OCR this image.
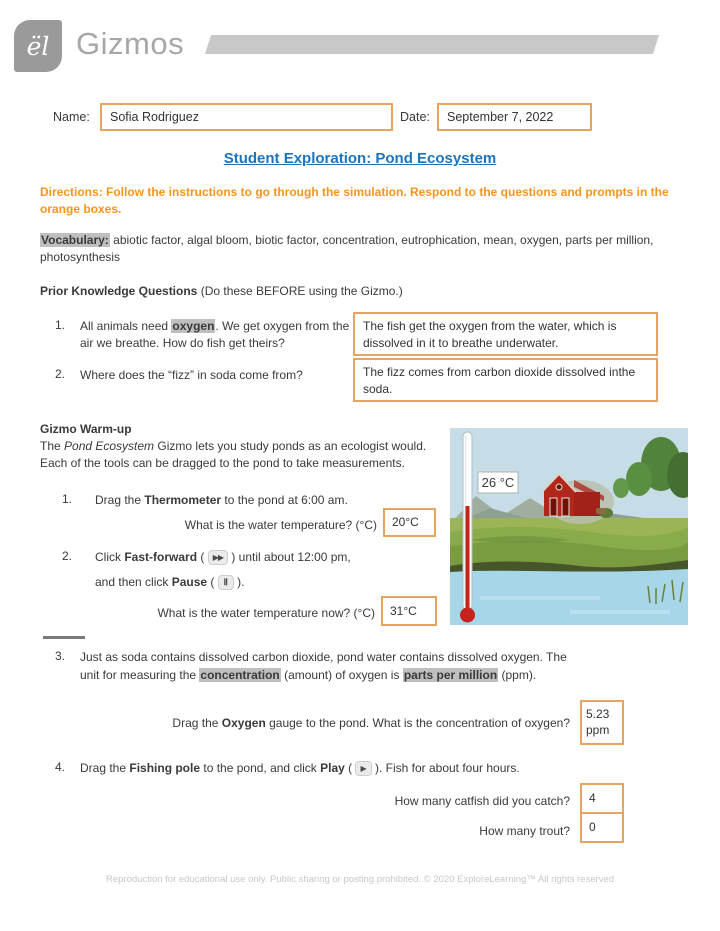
ël Gizmos
Name:	Sofia Rodriguez	Date:	September 7, 2022
Student Exploration: Pond Ecosystem
Directions: Follow the instructions to go through the simulation. Respond to the questions and prompts in the orange boxes.
Vocabulary: abiotic factor, algal bloom, biotic factor, concentration, eutrophication, mean, oxygen, parts per million, photosynthesis
Prior Knowledge Questions (Do these BEFORE using the Gizmo.)
1. All animals need oxygen. We get oxygen from the air we breathe. How do fish get theirs?
The fish get the oxygen from the water, which is dissolved in it to breathe underwater.
2. Where does the “fizz” in soda come from?	The fizz comes from carbon dioxide dissolved inthe soda.
Gizmo Warm-up
The Pond Ecosystem Gizmo lets you study ponds as an ecologist would. Each of the tools can be dragged to the pond to take measurements.
1. Drag the Thermometer to the pond at 6:00 am.
What is the water temperature? (°C)	20°C
2. Click Fast-forward ( ▶▶ ) until about 12:00 pm,
and then click Pause ( Ⅱ ).
What is the water temperature now? (°C)	31°C
26 °C
3. Just as soda contains dissolved carbon dioxide, pond water contains dissolved oxygen. The unit for measuring the concentration (amount) of oxygen is parts per million (ppm).
Drag the Oxygen gauge to the pond. What is the concentration of oxygen?
5.23 ppm
4. Drag the Fishing pole to the pond, and click Play ( ▶ ). Fish for about four hours.
How many catfish did you catch?	4
How many trout?	0
Reproduction for educational use only. Public sharing or posting prohibited. © 2020 ExploreLearning™ All rights reserved
